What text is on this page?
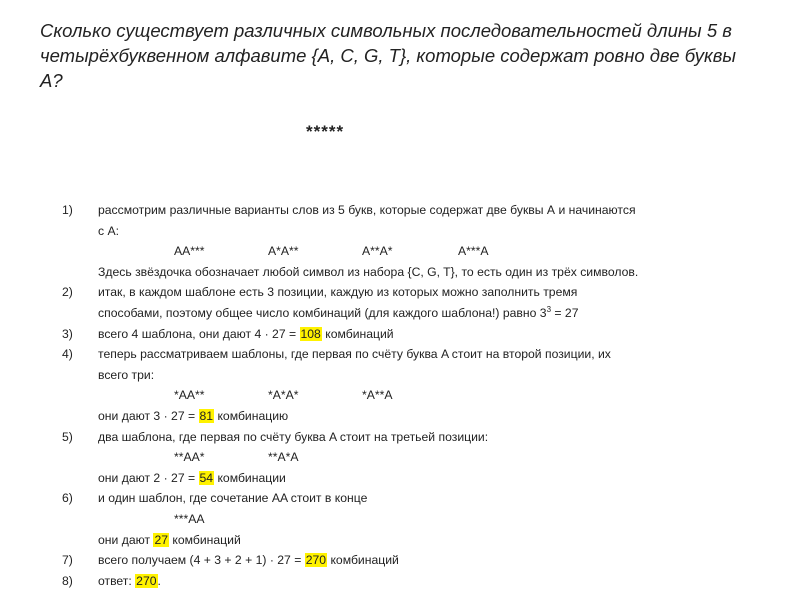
Сколько существует различных символьных последовательностей длины 5 в четырёхбуквенном алфавите {A, C, G, T}, которые содержат ровно две буквы A?
*****
1) рассмотрим различные варианты слов из 5 букв, которые содержат две буквы А и начинаются
с А:
AA***	A*A**	A**A*	A***A
Здесь звёздочка обозначает любой символ из набора {C, G, T}, то есть один из трёх символов.
2) итак, в каждом шаблоне есть 3 позиции, каждую из которых можно заполнить тремя
способами, поэтому общее число комбинаций (для каждого шаблона!) равно $3^3 = 27$
3) всего 4 шаблона, они дают 4 · 27 = 108 комбинаций
4) теперь рассматриваем шаблоны, где первая по счёту буква A стоит на второй позиции, их
всего три:
*AA**	*A*A*	*A**A
они дают 3 · 27 = 81 комбинацию
5) два шаблона, где первая по счёту буква A стоит на третьей позиции:
**AA*	**A*A
они дают 2 · 27 = 54 комбинации
6) и один шаблон, где сочетание AA стоит в конце
***AA
они дают 27 комбинаций
7) всего получаем (4 + 3 + 2 + 1) · 27 = 270 комбинаций
8) ответ: 270.
